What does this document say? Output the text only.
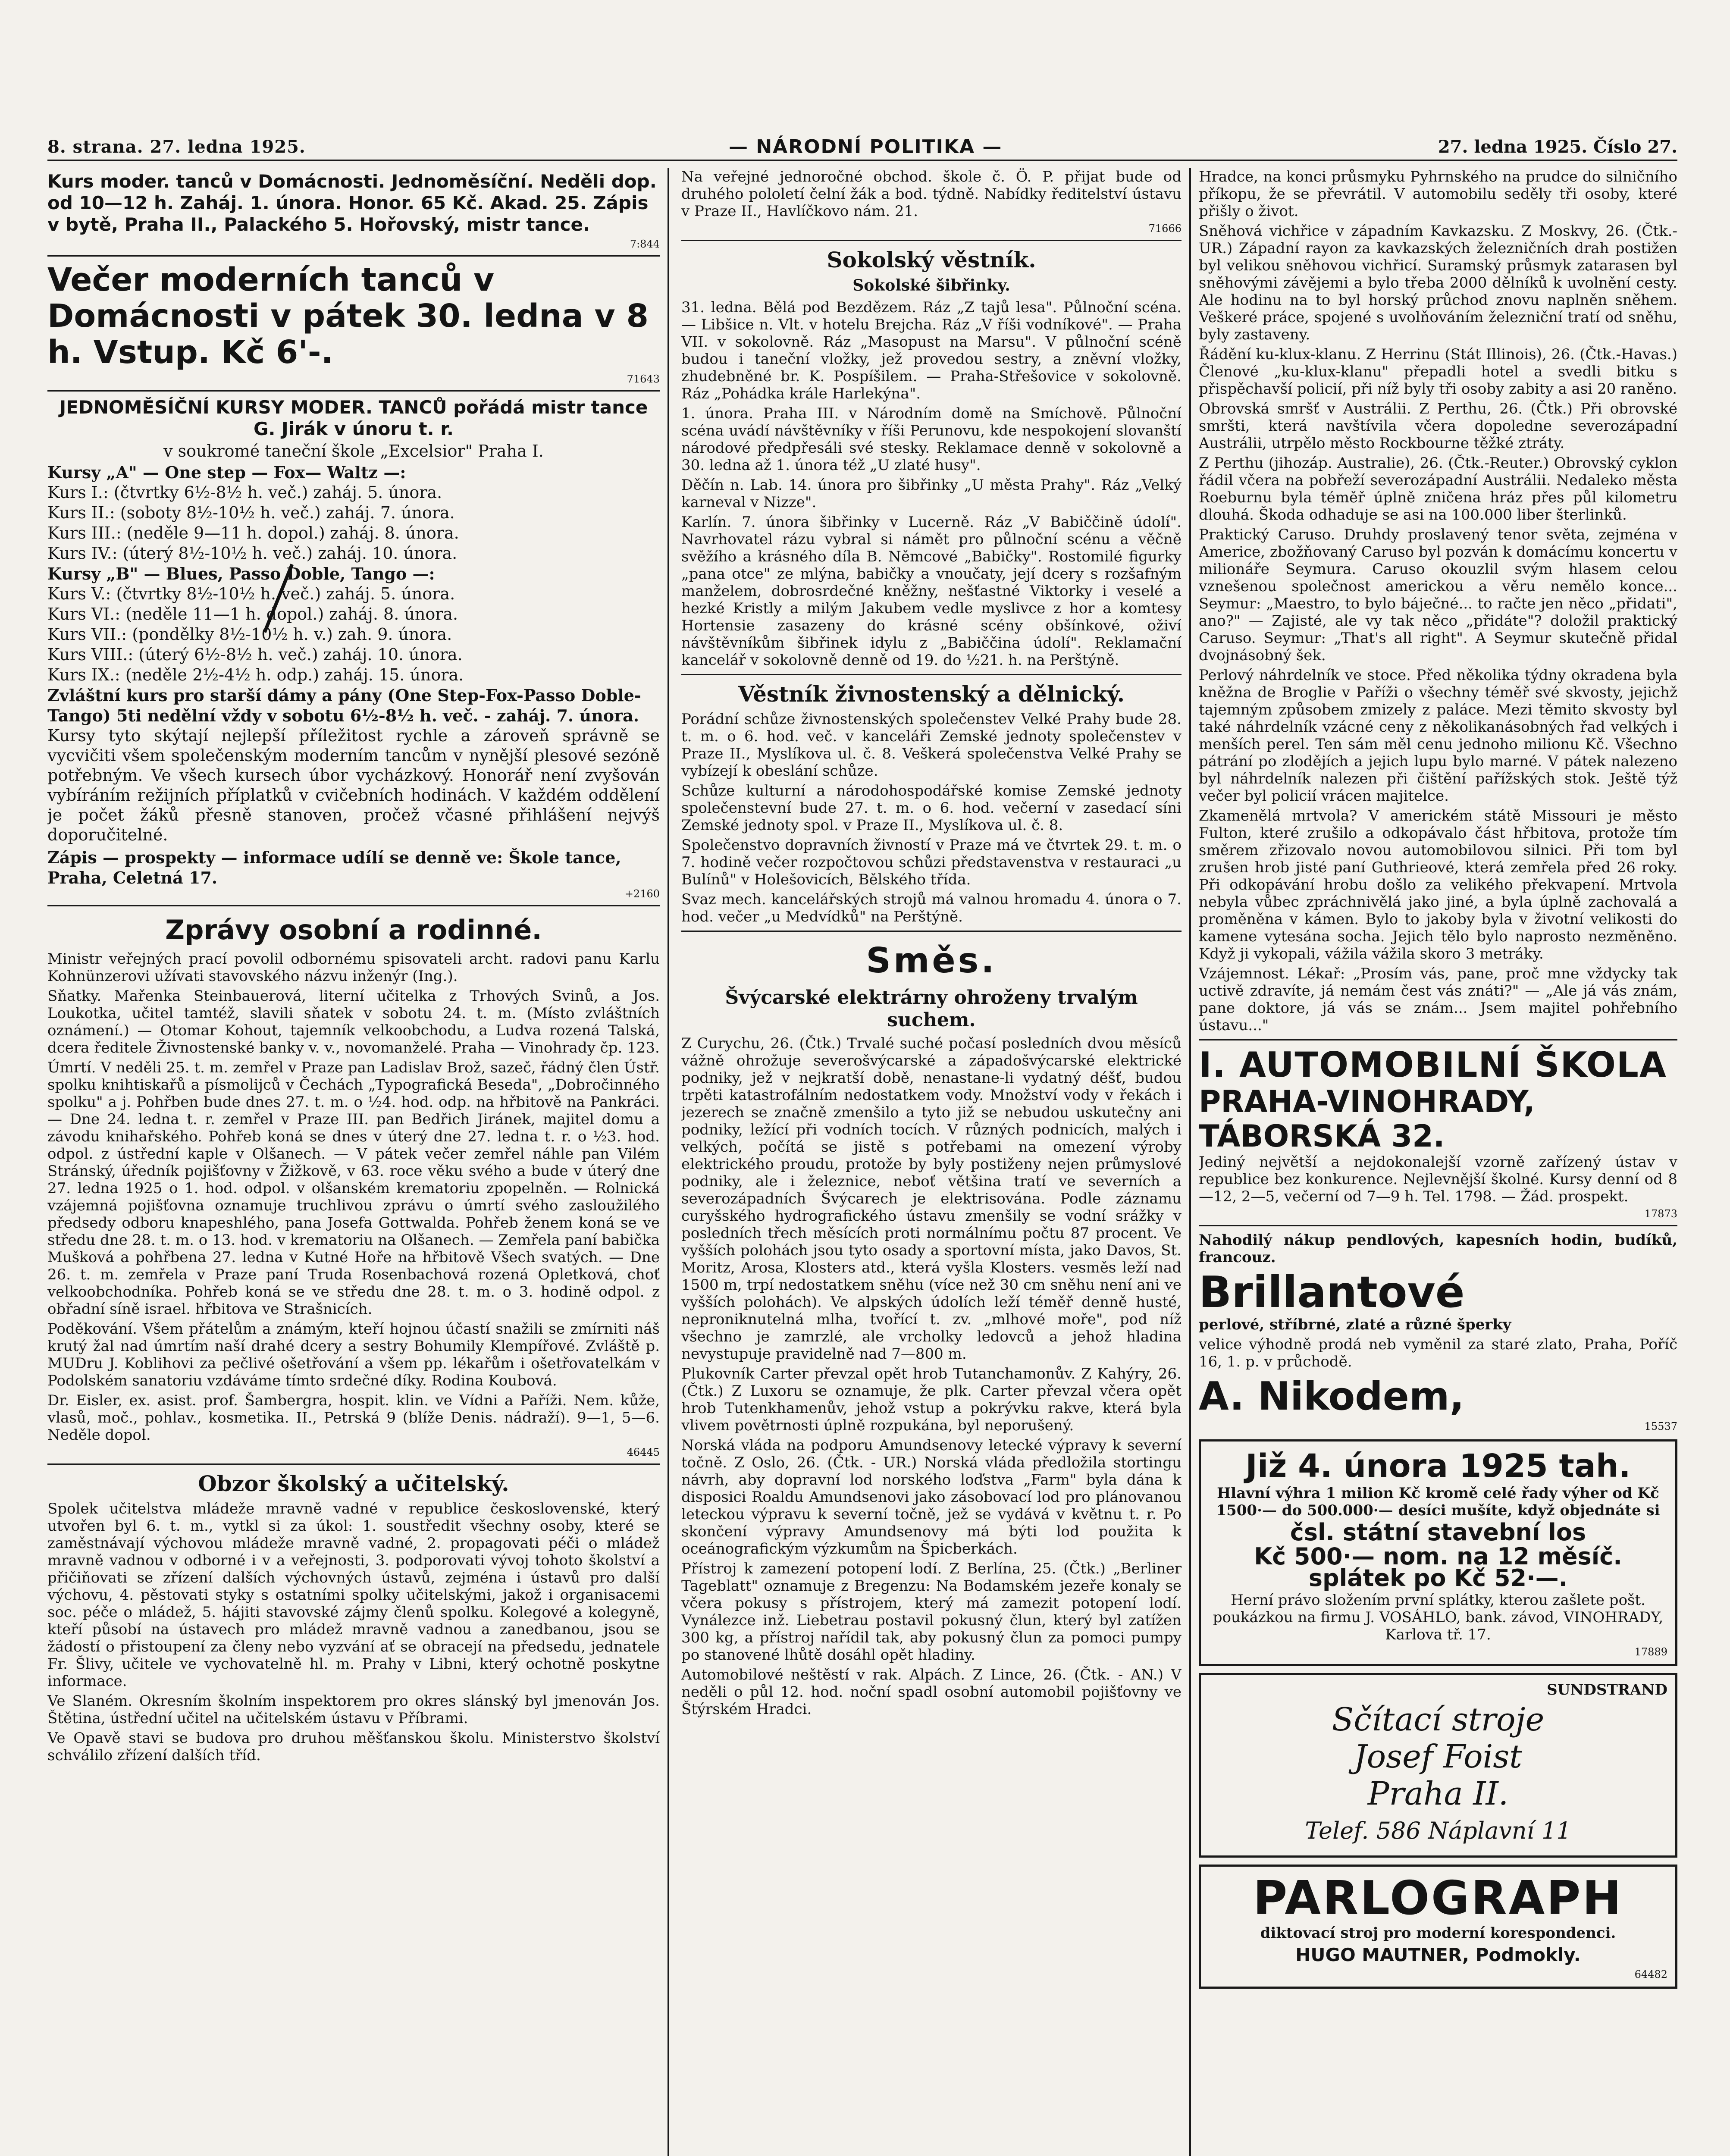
8. strana. 27. ledna 1925.	— NÁRODNÍ POLITIKA —	27. ledna 1925. Číslo 27.

Kurs moder. tanců v Domácnosti. Jednoměsíční. Neděli dop. od 10—12 h. Zaháj. 1. února. Honor. 65 Kč. Akad. 25. Zápis v bytě, Praha II., Palackého 5. Hořovský, mistr tance.

7:844

Večer moderních tanců v Domácnosti v pátek 30. ledna v 8 h. Vstup. Kč 6'-.

71643

JEDNOMĚSÍČNÍ KURSY MODER. TANCŮ pořádá mistr tance G. Jirák v únoru t. r.

v soukromé taneční škole „Excelsior" Praha I.

Kursy „A" — One step — Fox— Waltz —:

Kurs I.: (čtvrtky 6½-8½ h. več.) zaháj. 5. února.

Kurs II.: (soboty 8½-10½ h. več.) zaháj. 7. února.

Kurs III.: (neděle 9—11 h. dopol.) zaháj. 8. února.

Kurs IV.: (úterý 8½-10½ h. več.) zaháj. 10. února.

Kursy „B" — Blues, Passo Doble, Tango —:

Kurs V.: (čtvrtky 8½-10½ h. več.) zaháj. 5. února.

Kurs VI.: (neděle 11—1 h. dopol.) zaháj. 8. února.

Kurs VII.: (pondělky 8½-10½ h. v.) zah. 9. února.

Kurs VIII.: (úterý 6½-8½ h. več.) zaháj. 10. února.

Kurs IX.: (neděle 2½-4½ h. odp.) zaháj. 15. února.

Zvláštní kurs pro starší dámy a pány (One Step-Fox-Passo Doble-Tango) 5ti nedělní vždy v sobotu 6½-8½ h. več. - zaháj. 7. února.

Kursy tyto skýtají nejlepší příležitost rychle a zároveň správně se vycvičiti všem společenským moderním tancům v nynější plesové sezóně potřebným. Ve všech kursech úbor vycházkový. Honorář není zvyšován vybíráním režijních příplatků v cvičebních hodinách. V každém oddělení je počet žáků přesně stanoven, pročež včasné přihlášení nejvýš doporučitelné.

Zápis — prospekty — informace udílí se denně ve: Škole tance, Praha, Celetná 17.

+2160

Zprávy osobní a rodinné.

Ministr veřejných prací povolil odbornému spisovateli archt. radovi panu Karlu Kohnünzerovi užívati stavovského názvu inženýr (Ing.).

Sňatky. Mařenka Steinbauerová, literní učitelka z Trhových Svinů, a Jos. Loukotka, učitel tamtéž, slavili sňatek v sobotu 24. t. m. (Místo zvláštních oznámení.) — Otomar Kohout, tajemník velkoobchodu, a Ludva rozená Talská, dcera ředitele Živnostenské banky v. v., novomanželé. Praha — Vinohrady čp. 123.

Úmrtí. V neděli 25. t. m. zemřel v Praze pan Ladislav Brož, sazeč, řádný člen Ústř. spolku knihtiskařů a písmolijců v Čechách „Typografická Beseda", „Dobročinného spolku" a j. Pohřben bude dnes 27. t. m. o ½4. hod. odp. na hřbitově na Pankráci. — Dne 24. ledna t. r. zemřel v Praze III. pan Bedřich Jiránek, majitel domu a závodu knihařského. Pohřeb koná se dnes v úterý dne 27. ledna t. r. o ½3. hod. odpol. z ústřední kaple v Olšanech. — V pátek večer zemřel náhle pan Vilém Stránský, úředník pojišťovny v Žižkově, v 63. roce věku svého a bude v úterý dne 27. ledna 1925 o 1. hod. odpol. v olšanském krematoriu zpopelněn. — Rolnická vzájemná pojišťovna oznamuje truchlivou zprávu o úmrtí svého zasloužilého předsedy odboru knapeshlého, pana Josefa Gottwalda. Pohřeb ženem koná se ve středu dne 28. t. m. o 13. hod. v krematoriu na Olšanech. — Zemřela paní babička Mušková a pohřbena 27. ledna v Kutné Hoře na hřbitově Všech svatých. — Dne 26. t. m. zemřela v Praze paní Truda Rosenbachová rozená Opletková, choť velkoobchodníka. Pohřeb koná se ve středu dne 28. t. m. o 3. hodině odpol. z obřadní síně israel. hřbitova ve Strašnicích.

Poděkování. Všem přátelům a známým, kteří hojnou účastí snažili se zmírniti náš krutý žal nad úmrtím naší drahé dcery a sestry Bohumily Klempířové. Zvláště p. MUDru J. Koblihovi za pečlivé ošetřování a všem pp. lékařům i ošetřovatelkám v Podolském sanatoriu vzdáváme tímto srdečné díky. Rodina Koubová.

Dr. Eisler, ex. asist. prof. Šambergra, hospit. klin. ve Vídni a Paříži. Nem. kůže, vlasů, moč., pohlav., kosmetika. II., Petrská 9 (blíže Denis. nádraží). 9—1, 5—6. Neděle dopol.

46445

Obzor školský a učitelský.

Spolek učitelstva mládeže mravně vadné v republice československé, který utvořen byl 6. t. m., vytkl si za úkol: 1. soustředit všechny osoby, které se zaměstnávají výchovou mládeže mravně vadné, 2. propagovati péči o mládež mravně vadnou v odborné i v a veřejnosti, 3. podporovati vývoj tohoto školství a přičiňovati se zřízení dalších výchovných ústavů, zejména i ústavů pro další výchovu, 4. pěstovati styky s ostatními spolky učitelskými, jakož i organisacemi soc. péče o mládež, 5. hájiti stavovské zájmy členů spolku. Kolegové a kolegyně, kteří působí na ústavech pro mládež mravně vadnou a zanedbanou, jsou se žádostí o přistoupení za členy nebo vyzvání ať se obracejí na předsedu, jednatele Fr. Šlivy, učitele ve vychovatelně hl. m. Prahy v Libni, který ochotně poskytne informace.

Ve Slaném. Okresním školním inspektorem pro okres slánský byl jmenován Jos. Štětina, ústřední učitel na učitelském ústavu v Příbrami.

Ve Opavě stavi se budova pro druhou měšťanskou školu. Ministerstvo školství schválilo zřízení dalších tříd.

Na veřejné jednoročné obchod. škole č. Ö. P. přijat bude od druhého pololetí čelní žák a bod. týdně. Nabídky ředitelství ústavu v Praze II., Havlíčkovo nám. 21.

71666

Sokolský věstník.

Sokolské šibřinky.

31. ledna. Bělá pod Bezdězem. Ráz „Z tajů lesa". Půlnoční scéna. — Libšice n. Vlt. v hotelu Brejcha. Ráz „V říši vodníkové". — Praha VII. v sokolovně. Ráz „Masopust na Marsu". V půlnoční scéně budou i taneční vložky, jež provedou sestry, a zněvní vložky, zhudebněné br. K. Pospíšilem. — Praha-Střešovice v sokolovně. Ráz „Pohádka krále Harlekýna".

1. února. Praha III. v Národním domě na Smíchově. Půlnoční scéna uvádí návštěvníky v říši Perunovu, kde nespokojení slovanští národové předpřesáli své stesky. Reklamace denně v sokolovně a 30. ledna až 1. února též „U zlaté husy".

Děčín n. Lab. 14. února pro šibřinky „U města Prahy". Ráz „Velký karneval v Nizze".

Karlín. 7. února šibřinky v Lucerně. Ráz „V Babiččině údolí". Navrhovatel rázu vybral si námět pro půlnoční scénu a věčně svěžího a krásného díla B. Němcové „Babičky". Rostomilé figurky „pana otce" ze mlýna, babičky a vnoučaty, její dcery s rozšafným manželem, dobrosrdečné kněžny, nešťastné Viktorky i veselé a hezké Kristly a milým Jakubem vedle myslivce z hor a komtesy Hortensie zasazeny do krásné scény obšínkové, oživí návštěvníkům šibřinek idylu z „Babiččina údolí". Reklamační kancelář v sokolovně denně od 19. do ½21. h. na Perštýně.

Věstník živnostenský a dělnický.

Porádní schůze živnostenských společenstev Velké Prahy bude 28. t. m. o 6. hod. več. v kanceláři Zemské jednoty společenstev v Praze II., Myslíkova ul. č. 8. Veškerá společenstva Velké Prahy se vybízejí k obeslání schůze.

Schůze kulturní a národohospodářské komise Zemské jednoty společenstevní bude 27. t. m. o 6. hod. večerní v zasedací síni Zemské jednoty spol. v Praze II., Myslíkova ul. č. 8.

Společenstvo dopravních živností v Praze má ve čtvrtek 29. t. m. o 7. hodině večer rozpočtovou schůzi představenstva v restauraci „u Bulínů" v Holešovicích, Bělského třída.

Svaz mech. kancelářských strojů má valnou hromadu 4. února o 7. hod. večer „u Medvídků" na Perštýně.

Směs.

Švýcarské elektrárny ohroženy trvalým suchem.

Z Curychu, 26. (Čtk.) Trvalé suché počasí posledních dvou měsíců vážně ohrožuje severošvýcarské a západošvýcarské elektrické podniky, jež v nejkratší době, nenastane-li vydatný déšť, budou trpěti katastrofálním nedostatkem vody. Množství vody v řekách i jezerech se značně zmenšilo a tyto již se nebudou uskutečny ani podniky, ležící při vodních tocích. V různých podnicích, malých i velkých, počítá se jistě s potřebami na omezení výroby elektrického proudu, protože by byly postiženy nejen průmyslové podniky, ale i železnice, neboť většina tratí ve severních a severozápadních Švýcarech je elektrisována. Podle záznamu curyšského hydrografického ústavu zmenšily se vodní srážky v posledních třech měsících proti normálnímu počtu 87 procent. Ve vyšších polohách jsou tyto osady a sportovní místa, jako Davos, St. Moritz, Arosa, Klosters atd., která vyšla Klosters. vesměs leží nad 1500 m, trpí nedostatkem sněhu (více než 30 cm sněhu není ani ve vyšších polohách). Ve alpských údolích leží téměř denně husté, neproniknutelná mlha, tvořící t. zv. „mlhové moře", pod níž všechno je zamrzlé, ale vrcholky ledovců a jehož hladina nevystupuje pravidelně nad 7—800 m.

Plukovník Carter převzal opět hrob Tutanchamonův. Z Kahýry, 26. (Čtk.) Z Luxoru se oznamuje, že plk. Carter převzal včera opět hrob Tutenkhamenův, jehož vstup a pokrývku rakve, která byla vlivem povětrnosti úplně rozpukána, byl neporušený.

Norská vláda na podporu Amundsenovy letecké výpravy k severní točně. Z Oslo, 26. (Čtk. - UR.) Norská vláda předložila stortingu návrh, aby dopravní lod norského loďstva „Farm" byla dána k disposici Roaldu Amundsenovi jako zásobovací lod pro plánovanou leteckou výpravu k severní točně, jež se vydává v květnu t. r. Po skončení výpravy Amundsenovy má býti lod použita k oceánografickým výzkumům na Špicberkách.

Přístroj k zamezení potopení lodí. Z Berlína, 25. (Čtk.) „Berliner Tageblatt" oznamuje z Bregenzu: Na Bodamském jezeře konaly se včera pokusy s přístrojem, který má zamezit potopení lodí. Vynálezce inž. Liebetrau postavil pokusný člun, který byl zatížen 300 kg, a přístroj nařídil tak, aby pokusný člun za pomoci pumpy po stanovené lhůtě dosáhl opět hladiny.

Automobilové neštěstí v rak. Alpách. Z Lince, 26. (Čtk. - AN.) V neděli o půl 12. hod. noční spadl osobní automobil pojišťovny ve Štýrském Hradci.

Hradce, na konci průsmyku Pyhrnského na prudce do silničního příkopu, že se převrátil. V automobilu seděly tři osoby, které přišly o život.

Sněhová vichřice v západním Kavkazsku. Z Moskvy, 26. (Čtk.-UR.) Západní rayon za kavkazských železničních drah postižen byl velikou sněhovou vichřicí. Suramský průsmyk zatarasen byl sněhovými závějemi a bylo třeba 2000 dělníků k uvolnění cesty. Ale hodinu na to byl horský průchod znovu naplněn sněhem. Veškeré práce, spojené s uvolňováním železniční tratí od sněhu, byly zastaveny.

Řádění ku-klux-klanu. Z Herrinu (Stát Illinois), 26. (Čtk.-Havas.) Členové „ku-klux-klanu" přepadli hotel a svedli bitku s přispěchavší policií, při níž byly tři osoby zabity a asi 20 raněno.

Obrovská smršť v Austrálii. Z Perthu, 26. (Čtk.) Při obrovské smršti, která navštívila včera dopoledne severozápadní Austrálii, utrpělo město Rockbourne těžké ztráty.

Z Perthu (jihozáp. Australie), 26. (Čtk.-Reuter.) Obrovský cyklon řádil včera na pobřeží severozápadní Austrálii. Nedaleko města Roeburnu byla téměř úplně zničena hráz přes půl kilometru dlouhá. Škoda odhaduje se asi na 100.000 liber šterlinků.

Praktický Caruso. Druhdy proslavený tenor světa, zejména v Americe, zbožňovaný Caruso byl pozván k domácímu koncertu v milionáře Seymura. Caruso okouzlil svým hlasem celou vznešenou společnost americkou a věru nemělo konce... Seymur: „Maestro, to bylo báječné... to račte jen něco „přidati", ano?" — Zajisté, ale vy tak něco „přidáte"? doložil praktický Caruso. Seymur: „That's all right". A Seymur skutečně přidal dvojnásobný šek.

Perlový náhrdelník ve stoce. Před několika týdny okradena byla kněžna de Broglie v Paříži o všechny téměř své skvosty, jejichž tajemným způsobem zmizely z paláce. Mezi těmito skvosty byl také náhrdelník vzácné ceny z několikanásobných řad velkých i menších perel. Ten sám měl cenu jednoho milionu Kč. Všechno pátrání po zlodějích a jejich lupu bylo marné. V pátek nalezeno byl náhrdelník nalezen při čištění pařížských stok. Ještě týž večer byl policií vrácen majitelce.

Zkamenělá mrtvola? V americkém státě Missouri je město Fulton, které zrušilo a odkopávalo část hřbitova, protože tím směrem zřizovalo novou automobilovou silnici. Při tom byl zrušen hrob jisté paní Guthrieové, která zemřela před 26 roky. Při odkopávání hrobu došlo za velikého překvapení. Mrtvola nebyla vůbec zpráchnivělá jako jiné, a byla úplně zachovalá a proměněna v kámen. Bylo to jakoby byla v životní velikosti do kamene vytesána socha. Jejich tělo bylo naprosto nezměněno. Když ji vykopali, vážila vážila skoro 3 metráky.

Vzájemnost. Lékař: „Prosím vás, pane, proč mne vždycky tak uctivě zdravíte, já nemám čest vás znáti?" — „Ale já vás znám, pane doktore, já vás se znám... Jsem majitel pohřebního ústavu..."

I. AUTOMOBILNÍ ŠKOLA

PRAHA-VINOHRADY, TÁBORSKÁ 32.

Jediný největší a nejdokonalejší vzorně zařízený ústav v republice bez konkurence. Nejlevnější školné. Kursy denní od 8—12, 2—5, večerní od 7—9 h. Tel. 1798. — Žád. prospekt.

17873

Nahodilý nákup pendlových, kapesních hodin, budíků, francouz.

Brillantové

perlové, stříbrné, zlaté a různé šperky

velice výhodně prodá neb vyměnil za staré zlato, Praha, Poříč 16, 1. p. v průchodě.

A. Nikodem,

15537

Již 4. února 1925 tah.

Hlavní výhra 1 milion Kč kromě celé řady výher od Kč 1500·— do 500.000·— desíci mušíte, když objednáte si

čsl. státní stavební los

Kč 500·— nom. na 12 měsíč. splátek po Kč 52·—.

Herní právo složením první splátky, kterou zašlete pošt. poukázkou na firmu J. VOSÁHLO, bank. závod, VINOHRADY, Karlova tř. 17.

17889

SUNDSTRAND

Sčítací stroje

Josef Foist

Praha II.

Telef. 586 Náplavní 11

PARLOGRAPH

diktovací stroj pro moderní korespondenci.

HUGO MAUTNER, Podmokly.

64482
